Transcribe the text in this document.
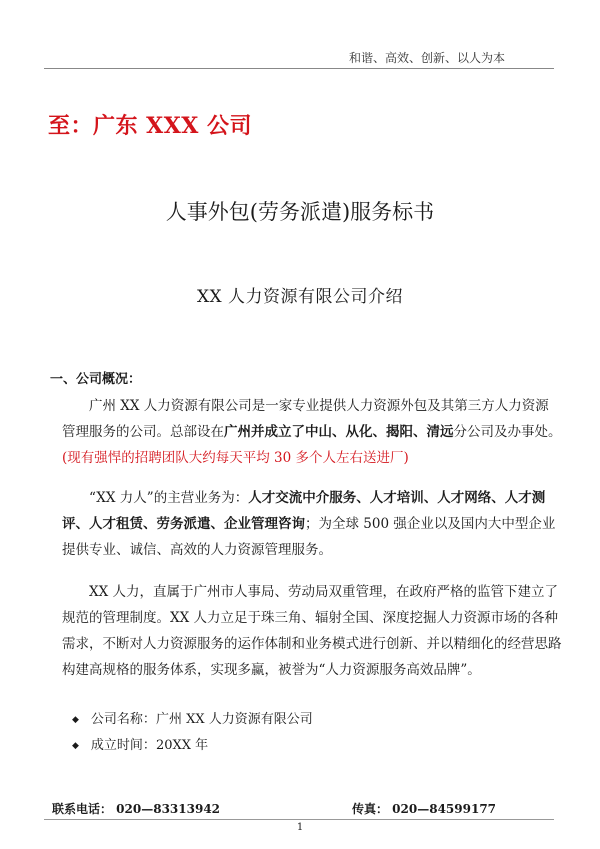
和谐、高效、创新、以人为本
至：广东 XXX 公司
人事外包(劳务派遣)服务标书
XX 人力资源有限公司介绍
一、公司概况：

广州 XX 人力资源有限公司是一家专业提供人力资源外包及其第三方人力资源管理服务的公司。总部设在广州并成立了中山、从化、揭阳、清远分公司及办事处。(现有强悍的招聘团队大约每天平均 30 多个人左右送进厂)

“XX 力人”的主营业务为：人才交流中介服务、人才培训、人才网络、人才测评、人才租赁、劳务派遣、企业管理咨询；为全球 500 强企业以及国内大中型企业提供专业、诚信、高效的人力资源管理服务。

XX 人力，直属于广州市人事局、劳动局双重管理，在政府严格的监管下建立了规范的管理制度。XX 人力立足于珠三角、辐射全国、深度挖掘人力资源市场的各种需求，不断对人力资源服务的运作体制和业务模式进行创新、并以精细化的经营思路构建高规格的服务体系，实现多赢，被誉为“人力资源服务高效品牌”。

◆ 公司名称： 广州 XX 人力资源有限公司
◆ 成立时间： 20XX 年
联系电话： 020—83313942	传真： 020—84599177
1
